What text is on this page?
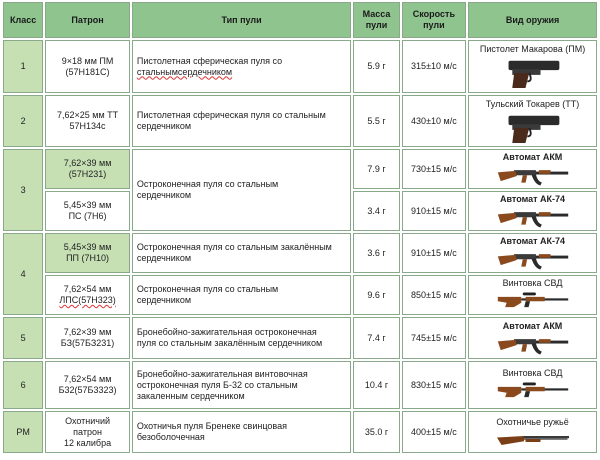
Класс	Патрон	Тип пули	Масса пули	Скорость пули	Вид оружия
1	9×18 мм ПМ
(57Н181С)	Пистолетная сферическая пуля со
стальнымсердечником	5.9 г	315±10 м/с	Пистолет Макарова (ПМ)

2	7,62×25 мм ТТ
57Н134с	Пистолетная сферическая пуля со стальным
сердечником	5.5 г	430±10 м/с	Тульский Токарев (ТТ)

3	7,62×39 мм
(57Н231)	Остроконечная пуля со стальным
сердечником	7.9 г	730±15 м/с	Автомат АКМ

	5,45×39 мм
ПС (7Н6)		3.4 г	910±15 м/с	Автомат АК-74

4	5,45×39 мм
ПП (7Н10)	Остроконечная пуля со стальным закалённым
сердечником	3.6 г	910±15 м/с	Автомат АК-74

	7,62×54 мм
ЛПС(57Н323)	Остроконечная пуля со стальным
сердечником	9.6 г	850±15 м/с	Винтовка СВД

5	7,62×39 мм
БЗ(57БЗ231)	Бронебойно-зажигательная остроконечная
пуля со стальным закалённым сердечником	7.4 г	745±15 м/с	Автомат АКМ

6	7,62×54 мм
Б32(57Б3323)	Бронебойно-зажигательная винтовочная
остроконечная пуля Б-32 со стальным
закаленным сердечником	10.4 г	830±15 м/с	Винтовка СВД

РМ	Охотничий
патрон
12 калибра	Охотничья пуля Бренеке свинцовая
безоболочечная	35.0 г	400±15 м/с	Охотничье ружьё
